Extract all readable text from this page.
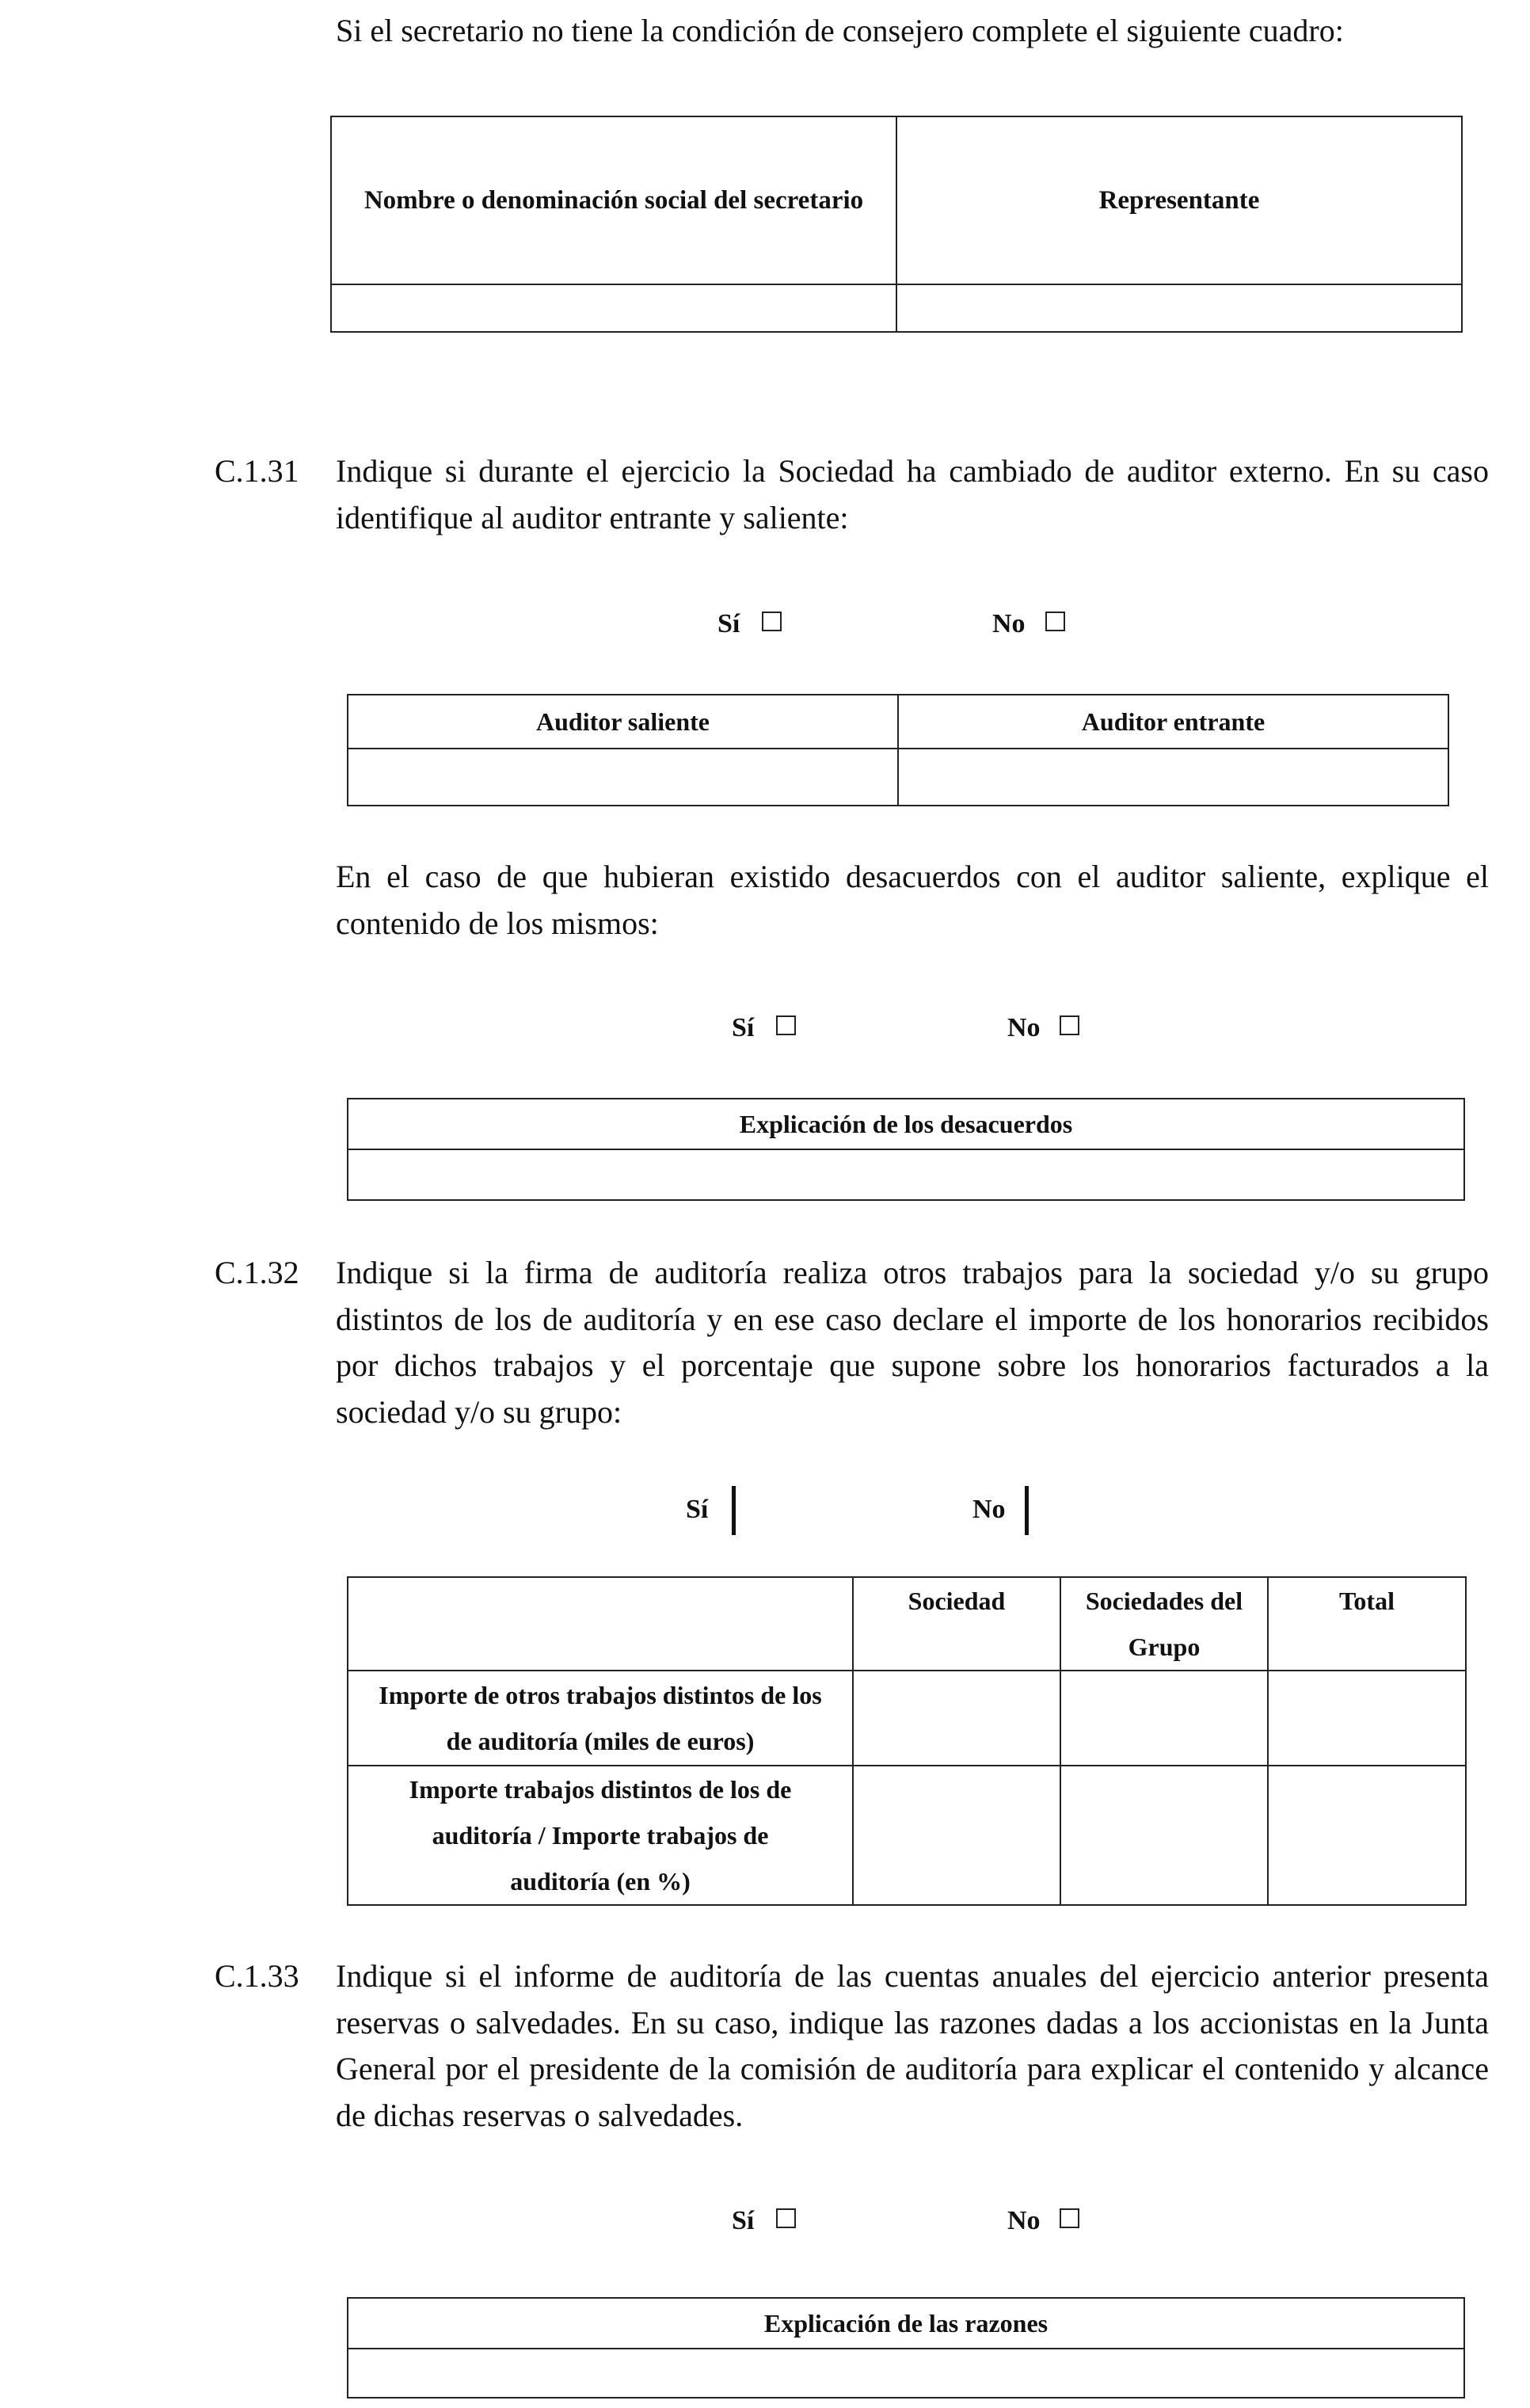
Si el secretario no tiene la condición de consejero complete el siguiente cuadro:

Nombre o denominación social del secretario	Representante

C.1.31 Indique si durante el ejercicio la Sociedad ha cambiado de auditor externo. En su caso identifique al auditor entrante y saliente:

Sí	No
Auditor saliente	Auditor entrante

En el caso de que hubieran existido desacuerdos con el auditor saliente, explique el contenido de los mismos:

Sí	No
Explicación de los desacuerdos

C.1.32 Indique si la firma de auditoría realiza otros trabajos para la sociedad y/o su grupo distintos de los de auditoría y en ese caso declare el importe de los honorarios recibidos por dichos trabajos y el porcentaje que supone sobre los honorarios facturados a la sociedad y/o su grupo:

Sí	No
	Sociedad	Sociedades del Grupo	Total
Importe de otros trabajos distintos de los de auditoría (miles de euros)			
Importe trabajos distintos de los de auditoría / Importe trabajos de auditoría (en %)			
C.1.33 Indique si el informe de auditoría de las cuentas anuales del ejercicio anterior presenta reservas o salvedades. En su caso, indique las razones dadas a los accionistas en la Junta General por el presidente de la comisión de auditoría para explicar el contenido y alcance de dichas reservas o salvedades.

Sí	No
Explicación de las razones
